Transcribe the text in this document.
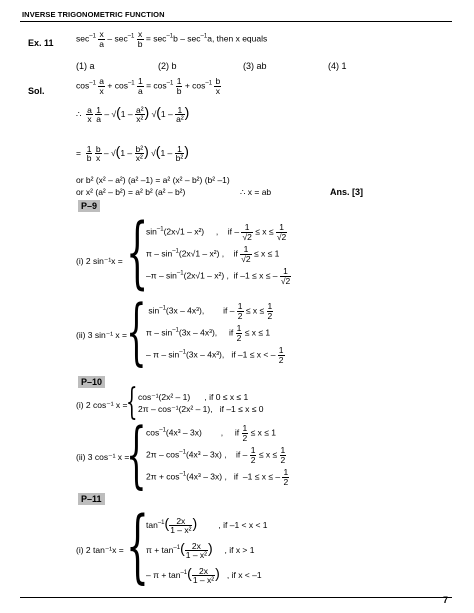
INVERSE TRIGONOMETRIC FUNCTION
Ex. 11	$\sec^{-1} \frac{x}{a} - \sec^{-1} \frac{x}{b} = \sec^{-1}b - \sec^{-1}a$, then x equals
(1) a	(2) b	(3) ab	(4) 1
Sol.
$\cos^{-1} \frac{a}{x} + \cos^{-1} \frac{1}{a} = \cos^{-1} \frac{1}{b} + \cos^{-1} \frac{b}{x}$
∴ $\frac{a}{x}$
$\frac{1}{a} - √(1 - \frac{\text{a²}}{\text{x²}}$ ) $√(1 - \frac{1}{\text{a²}}$ )
= $\frac{1}{b}$
$\frac{b}{x} - √(1 - \frac{\text{b²}}{\text{x²}}$ ) $√(1 - \frac{1}{\text{b²}}$ )
or b² (x² – a²) (a² –1) = a² (x² – b²) (b² –1)
or x² (a² – b²) = a² b² (a² – b²)	∴ x = ab	Ans. [3]
P–9
(i) 2 sin⁻¹x = {
$\sin^{-1}(2x√1 - x^2)$     ,    if – $\frac{1}{√2} \le x \le \frac{1}{√2}$
π – $\sin^{-1}(2x√1 - x^2)$ ,    if $\frac{1}{√2} \le x \le 1$
$-\pi - \sin^{-1}(2x√1 - x^2)$ ,  if –1 ≤ x ≤ – $\frac{1}{√2}$
(ii) 3 sin⁻¹ x =
{ $\sin^{-1}(3x - 4x^3)$,        if – $\frac{1}{2} \le x \le \frac{1}{2}$
π – $\sin^{-1}(3x - 4x^3)$,     if $\frac{1}{2} \le x \le 1$
– π – $\sin^{-1}(3x - 4x^3)$,   if –1 ≤ x < – $\frac{1}{2}$
P–10
(i) 2 cos⁻¹ x =
{ cos⁻¹(2x² – 1) , if 0 ≤ x ≤ 1
2π – cos⁻¹(2x² – 1), if –1 ≤ x ≤ 0
(ii) 3 cos⁻¹ x =
{ $\cos^{-1}(4x^3 - 3x)$        ,     if $\frac{1}{2} \le x \le 1$
$2\pi - \cos^{-1}(4x^3 - 3x)$ ,    if – $\frac{1}{2} \le x \le \frac{1}{2}$
$2\pi + \cos^{-1}(4x^3 - 3x)$ ,   if  –1 ≤ x ≤ – $\frac{1}{2}$
P–11
(i) 2 tan⁻¹x = {
$\tan^{-1}( \frac{2x}{\text{1 – x²}}$ )	, if –1 < x < 1
$\pi + \tan^{-1}( \frac{2x}{\text{1 – x²}}$ ) , if x > 1
– $\pi + \tan^{-1}( \frac{2x}{\text{1 – x²}}$ ) , if x < –1
7
